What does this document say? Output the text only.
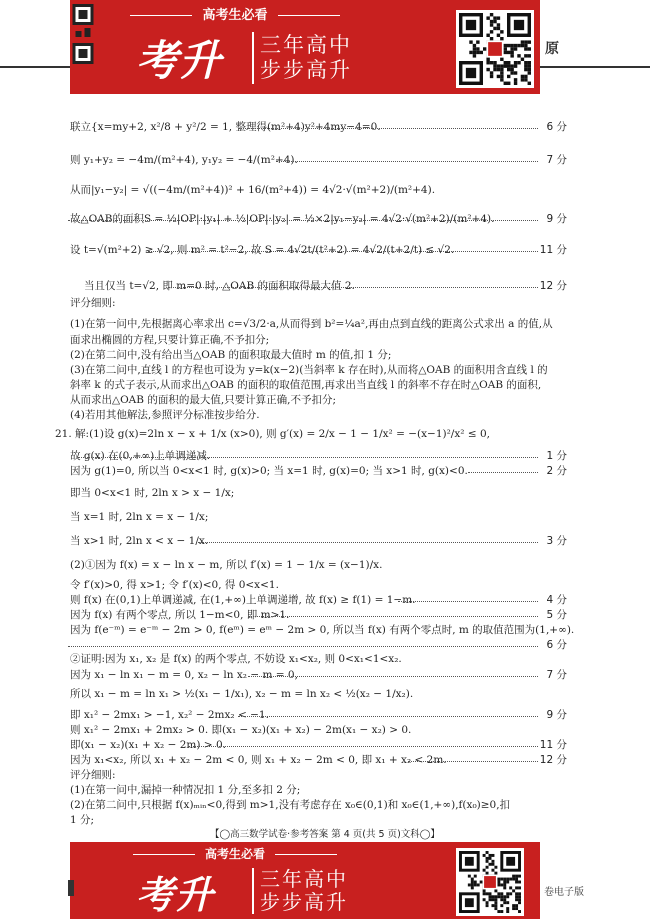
高考生必看
考升 三年高中
步步高升
高考生必看
考升 三年高中
步步高升
原
卷电子版
联立{x=my+2, x²/8 + y²/2 = 1, 整理得(m²+4)y²+4my−4=0.	6 分
则 y₁+y₂ = −4m/(m²+4), y₁y₂ = −4/(m²+4).	7 分
从而|y₁−y₂| = √((−4m/(m²+4))² + 16/(m²+4)) = 4√2·√(m²+2)/(m²+4).
故△OAB的面积S = ½|OP|·|y₁| + ½|OP|·|y₂| = ½×2|y₁−y₂| = 4√2·√(m²+2)/(m²+4).	9 分
设 t=√(m²+2) ≥ √2, 则 m² = t²−2, 故 S = 4√2t/(t²+2) = 4√2/(t+2/t) ≤ √2.	11 分
当且仅当 t=√2, 即 m=0 时, △OAB 的面积取得最大值 2.	12 分
评分细则:
(1)在第一问中,先根据离心率求出 c=√3/2·a,从而得到 b²=¼a²,再由点到直线的距离公式求出 a 的值,从
面求出椭圆的方程,只要计算正确,不予扣分;
(2)在第二问中,没有给出当△OAB 的面积取最大值时 m 的值,扣 1 分;
(3)在第二问中,直线 l 的方程也可设为 y=k(x−2)(当斜率 k 存在时),从而将△OAB 的面积用含直线 l 的
斜率 k 的式子表示,从而求出△OAB 的面积的取值范围,再求出当直线 l 的斜率不存在时△OAB 的面积,
从而求出△OAB 的面积的最大值,只要计算正确,不予扣分;
(4)若用其他解法,参照评分标准按步给分.
21. 解:(1)设 g(x)=2ln x − x + 1/x (x>0), 则 g′(x) = 2/x − 1 − 1/x² = −(x−1)²/x² ≤ 0,
故 g(x) 在(0,+∞)上单调递减.	1 分
因为 g(1)=0, 所以当 0<x<1 时, g(x)>0; 当 x=1 时, g(x)=0; 当 x>1 时, g(x)<0.	2 分
即当 0<x<1 时, 2ln x > x − 1/x;
当 x=1 时, 2ln x = x − 1/x;
当 x>1 时, 2ln x < x − 1/x.	3 分
(2)①因为 f(x) = x − ln x − m, 所以 f′(x) = 1 − 1/x = (x−1)/x.
令 f′(x)>0, 得 x>1; 令 f′(x)<0, 得 0<x<1.
则 f(x) 在(0,1)上单调递减, 在(1,+∞)上单调递增, 故 f(x) ≥ f(1) = 1−m.	4 分
因为 f(x) 有两个零点, 所以 1−m<0, 即 m>1.	5 分
因为 f(e⁻ᵐ) = e⁻ᵐ − 2m > 0, f(eᵐ) = eᵐ − 2m > 0, 所以当 f(x) 有两个零点时, m 的取值范围为(1,+∞).
6 分
②证明:因为 x₁, x₂ 是 f(x) 的两个零点, 不妨设 x₁<x₂, 则 0<x₁<1<x₂.
因为 x₁ − ln x₁ − m = 0, x₂ − ln x₂ − m = 0,	7 分
所以 x₁ − m = ln x₁ > ½(x₁ − 1/x₁), x₂ − m = ln x₂ < ½(x₂ − 1/x₂).
即 x₁² − 2mx₁ > −1, x₂² − 2mx₂ < −1.	9 分
则 x₁² − 2mx₁ + 2mx₂ > 0. 即(x₁ − x₂)(x₁ + x₂) − 2m(x₁ − x₂) > 0.
即(x₁ − x₂)(x₁ + x₂ − 2m) > 0.	11 分
因为 x₁<x₂, 所以 x₁ + x₂ − 2m < 0, 则 x₁ + x₂ − 2m < 0, 即 x₁ + x₂ < 2m.	12 分
评分细则:
(1)在第一问中,漏掉一种情况扣 1 分,至多扣 2 分;
(2)在第二问中,只根据 f(x)ₘᵢₙ<0,得到 m>1,没有考虑存在 x₀∈(0,1)和 x₀∈(1,+∞),f(x₀)≥0,扣
1 分;
【◯高三数学试卷·参考答案 第 4 页(共 5 页)文科◯】
